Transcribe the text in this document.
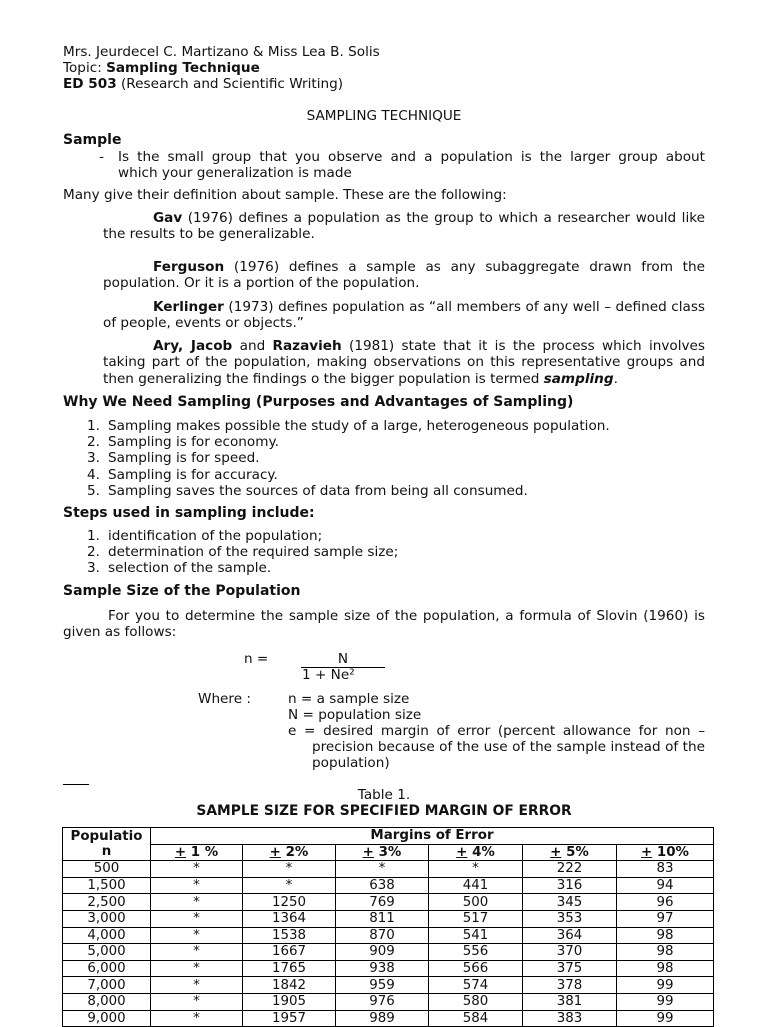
Mrs. Jeurdecel C. Martizano & Miss Lea B. Solis
Topic: Sampling Technique
ED 503 (Research and Scientific Writing)
SAMPLING TECHNIQUE
Sample
-	Is the small group that you observe and a population is the larger group about
which your generalization is made
Many give their definition about sample. These are the following:
Gav (1976) defines a population as the group to which a researcher would like
the results to be generalizable.
Ferguson (1976) defines a sample as any subaggregate drawn from the
population. Or it is a portion of the population.
Kerlinger (1973) defines population as “all members of any well – defined class
of people, events or objects.”
Ary, Jacob and Razavieh (1981) state that it is the process which involves
taking part of the population, making observations on this representative groups and
then generalizing the findings o the bigger population is termed sampling.
Why We Need Sampling (Purposes and Advantages of Sampling)
1. Sampling makes possible the study of a large, heterogeneous population.
2. Sampling is for economy.
3. Sampling is for speed.
4. Sampling is for accuracy.
5. Sampling saves the sources of data from being all consumed.
Steps used in sampling include:
1. identification of the population;
2. determination of the required sample size;
3. selection of the sample.
Sample Size of the Population
For you to determine the sample size of the population, a formula of Slovin (1960) is
given as follows:
n =	N
1 + Ne²
Where :	n = a sample size
N = population size
e = desired margin of error (percent allowance for non –
precision because of the use of the sample instead of the
population)
Table 1.
SAMPLE SIZE FOR SPECIFIED MARGIN OF ERROR
Populatio
n	Margins of Error					
	+ 1 %	+ 2%	+ 3%	+ 4%	+ 5%	+ 10%
500	*	*	*	*	222	83
1,500	*	*	638	441	316	94
2,500	*	1250	769	500	345	96
3,000	*	1364	811	517	353	97
4,000	*	1538	870	541	364	98
5,000	*	1667	909	556	370	98
6,000	*	1765	938	566	375	98
7,000	*	1842	959	574	378	99
8,000	*	1905	976	580	381	99
9,000	*	1957	989	584	383	99
